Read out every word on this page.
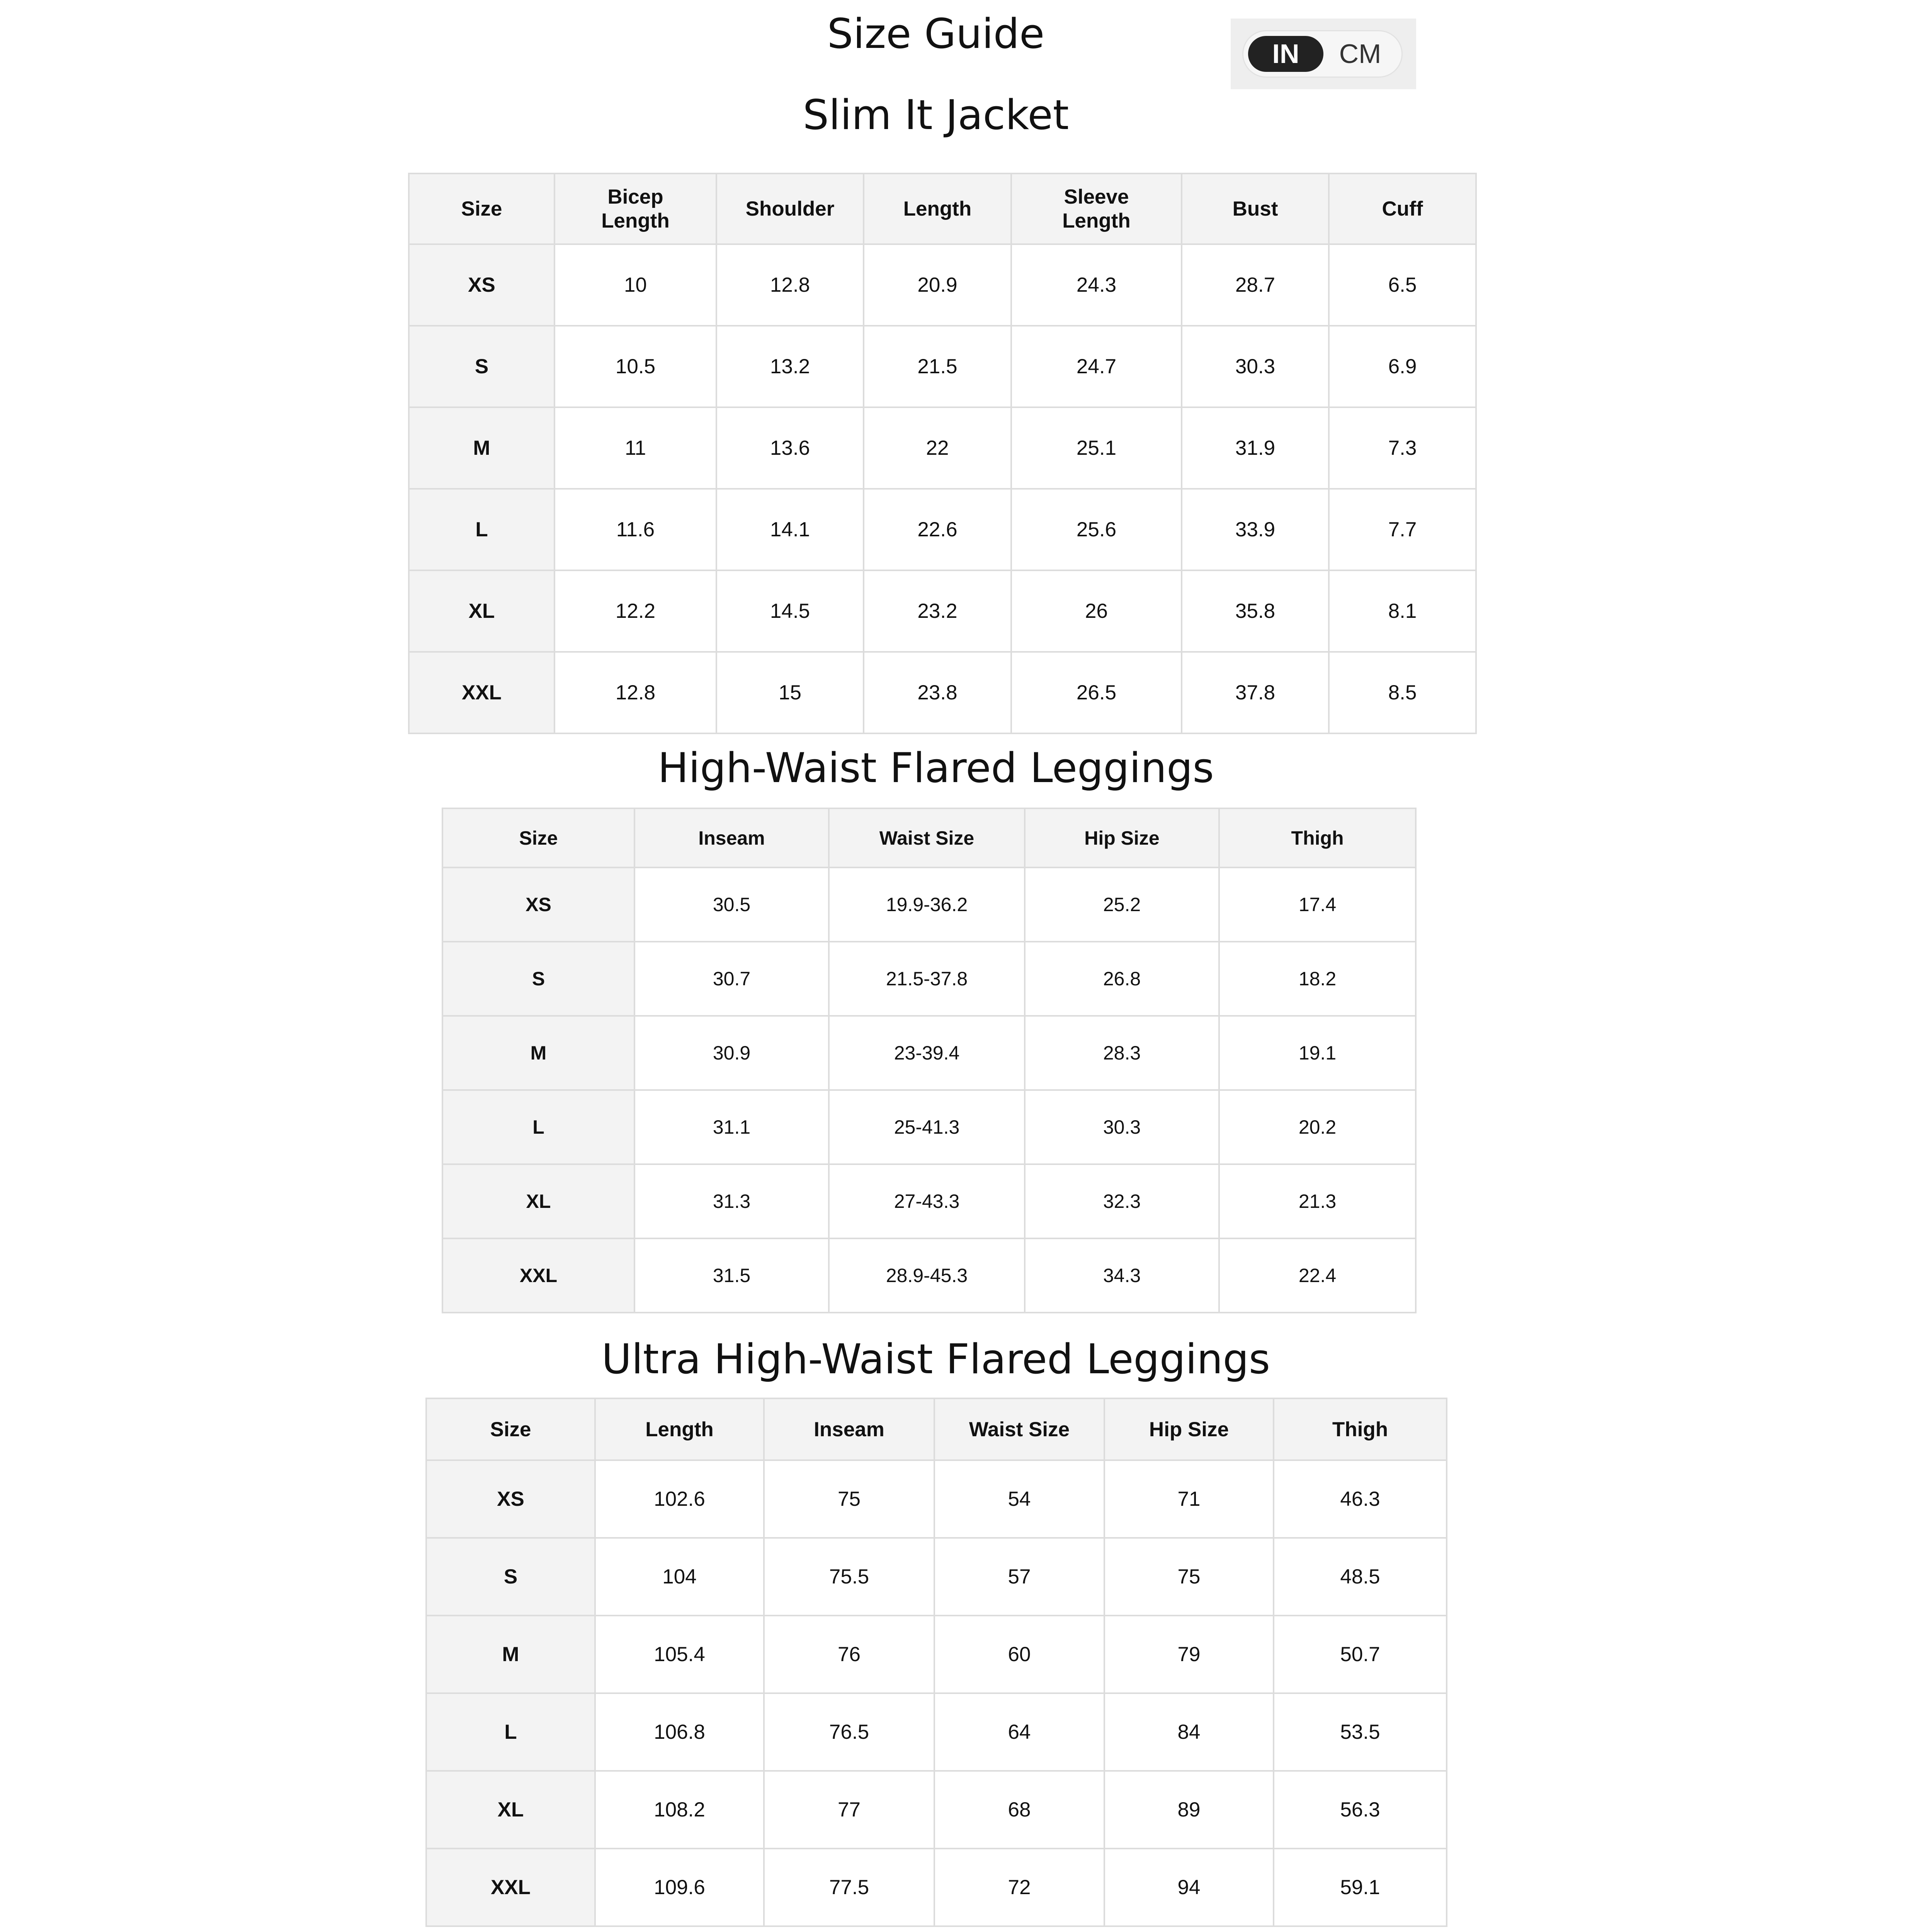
Size Guide	IN	CM
Slim It Jacket
Size	Bicep Length	Shoulder	Length	Sleeve Length	Bust	Cuff
XS	10	12.8	20.9	24.3	28.7	6.5
S	10.5	13.2	21.5	24.7	30.3	6.9
M	11	13.6	22	25.1	31.9	7.3
L	11.6	14.1	22.6	25.6	33.9	7.7
XL	12.2	14.5	23.2	26	35.8	8.1
XXL	12.8	15	23.8	26.5	37.8	8.5
High-Waist Flared Leggings
Size	Inseam	Waist Size	Hip Size	Thigh
XS	30.5	19.9-36.2	25.2	17.4
S	30.7	21.5-37.8	26.8	18.2
M	30.9	23-39.4	28.3	19.1
L	31.1	25-41.3	30.3	20.2
XL	31.3	27-43.3	32.3	21.3
XXL	31.5	28.9-45.3	34.3	22.4
Ultra High-Waist Flared Leggings
Size	Length	Inseam	Waist Size	Hip Size	Thigh
XS	102.6	75	54	71	46.3
S	104	75.5	57	75	48.5
M	105.4	76	60	79	50.7
L	106.8	76.5	64	84	53.5
XL	108.2	77	68	89	56.3
XXL	109.6	77.5	72	94	59.1
